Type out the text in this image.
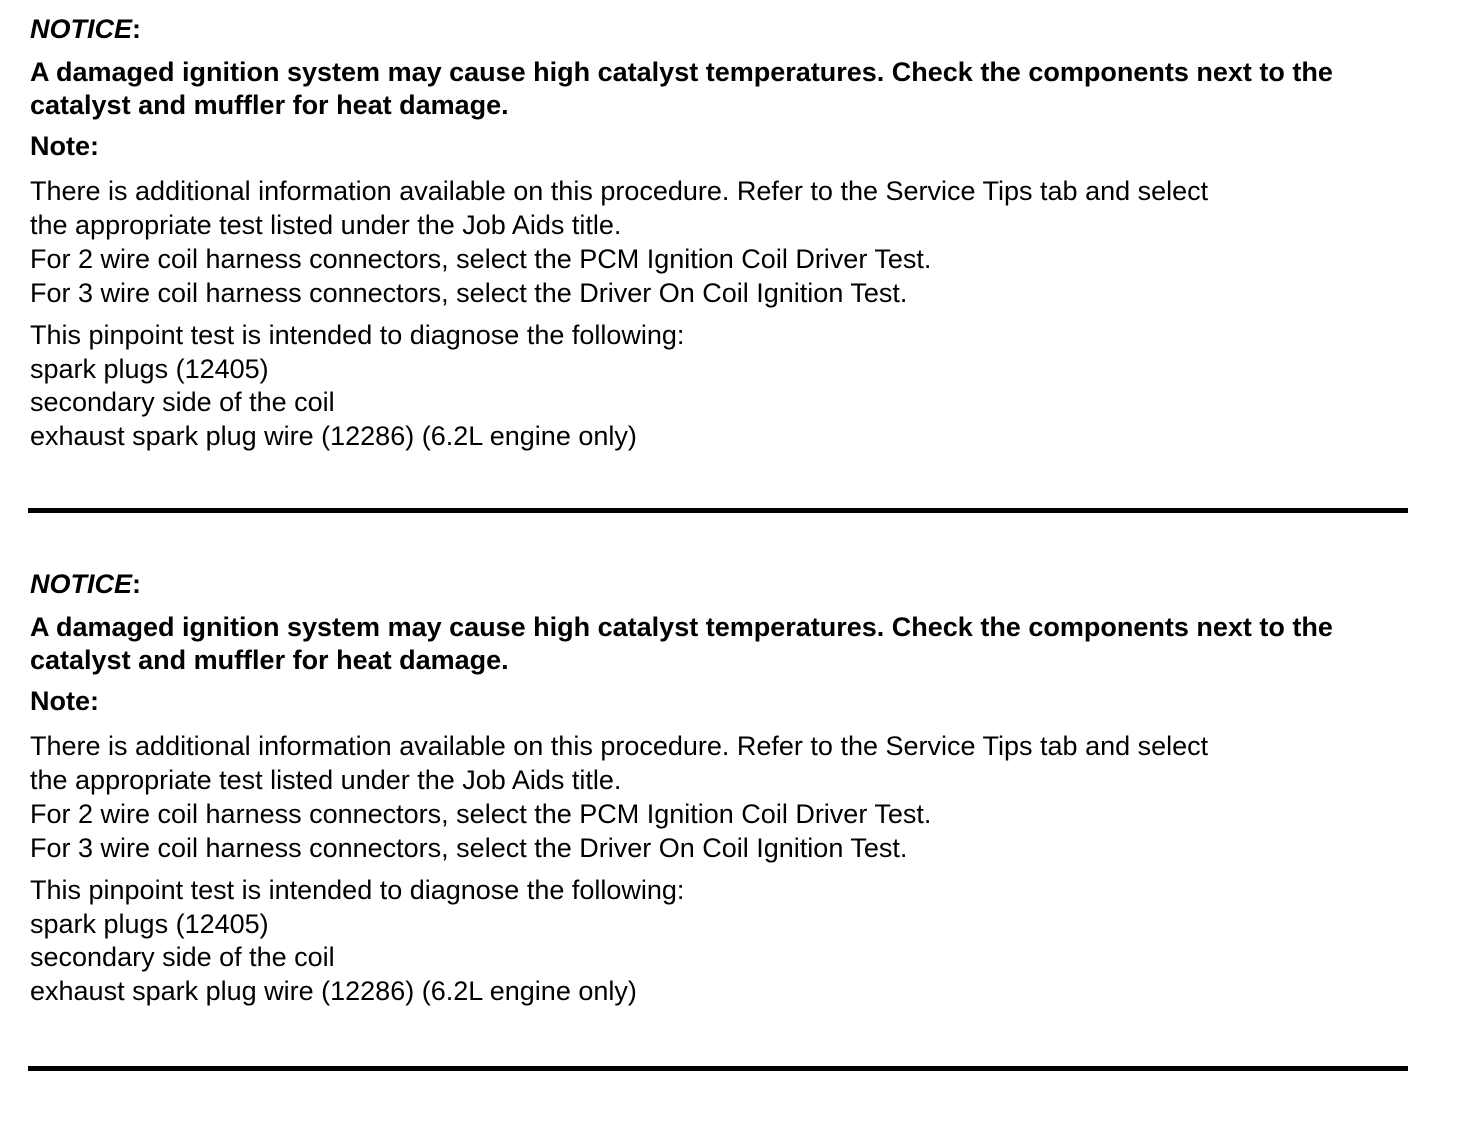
NOTICE:

A damaged ignition system may cause high catalyst temperatures. Check the components next to the catalyst and muffler for heat damage.

Note:

There is additional information available on this procedure. Refer to the Service Tips tab and select
the appropriate test listed under the Job Aids title.
For 2 wire coil harness connectors, select the PCM Ignition Coil Driver Test.
For 3 wire coil harness connectors, select the Driver On Coil Ignition Test.

This pinpoint test is intended to diagnose the following:
spark plugs (12405)
secondary side of the coil
exhaust spark plug wire (12286) (6.2L engine only)

NOTICE:

A damaged ignition system may cause high catalyst temperatures. Check the components next to the catalyst and muffler for heat damage.

Note:

There is additional information available on this procedure. Refer to the Service Tips tab and select
the appropriate test listed under the Job Aids title.
For 2 wire coil harness connectors, select the PCM Ignition Coil Driver Test.
For 3 wire coil harness connectors, select the Driver On Coil Ignition Test.

This pinpoint test is intended to diagnose the following:
spark plugs (12405)
secondary side of the coil
exhaust spark plug wire (12286) (6.2L engine only)
